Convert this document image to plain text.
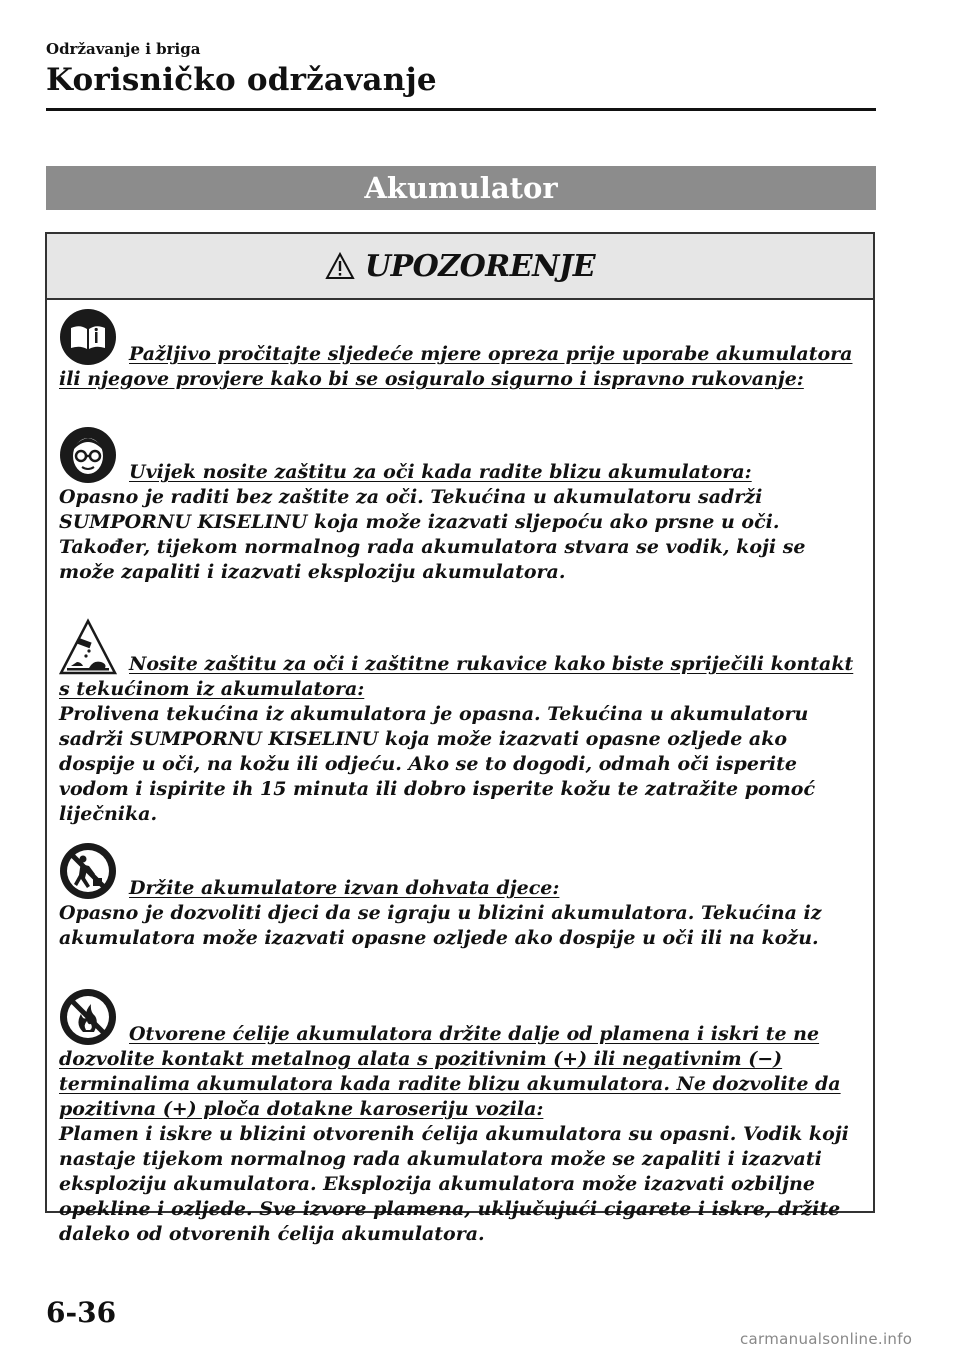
Održavanje i briga
Korisničko održavanje
Akumulator
UPOZORENJE

Pažljivo pročitajte sljedeće mjere opreza prije uporabe akumulatora ili njegove provjere kako bi se osiguralo sigurno i ispravno rukovanje:

Uvijek nosite zaštitu za oči kada radite blizu akumulatora:

Opasno je raditi bez zaštite za oči. Tekućina u akumulatoru sadrži SUMPORNU KISELINU koja može izazvati sljepoću ako prsne u oči. Također, tijekom normalnog rada akumulatora stvara se vodik, koji se može zapaliti i izazvati eksploziju akumulatora.

Nosite zaštitu za oči i zaštitne rukavice kako biste spriječili kontakt s tekućinom iz akumulatora:

Prolivena tekućina iz akumulatora je opasna. Tekućina u akumulatoru sadrži SUMPORNU KISELINU koja može izazvati opasne ozljede ako dospije u oči, na kožu ili odjeću. Ako se to dogodi, odmah oči isperite vodom i ispirite ih 15 minuta ili dobro isperite kožu te zatražite pomoć liječnika.

Držite akumulatore izvan dohvata djece:

Opasno je dozvoliti djeci da se igraju u blizini akumulatora. Tekućina iz akumulatora može izazvati opasne ozljede ako dospije u oči ili na kožu.

Otvorene ćelije akumulatora držite dalje od plamena i iskri te ne dozvolite kontakt metalnog alata s pozitivnim (+) ili negativnim (−) terminalima akumulatora kada radite blizu akumulatora. Ne dozvolite da pozitivna (+) ploča dotakne karoseriju vozila:

Plamen i iskre u blizini otvorenih ćelija akumulatora su opasni. Vodik koji nastaje tijekom normalnog rada akumulatora može se zapaliti i izazvati eksploziju akumulatora. Eksplozija akumulatora može izazvati ozbiljne opekline i ozljede. Sve izvore plamena, uključujući cigarete i iskre, držite daleko od otvorenih ćelija akumulatora.

6-36
carmanualsonline.info
